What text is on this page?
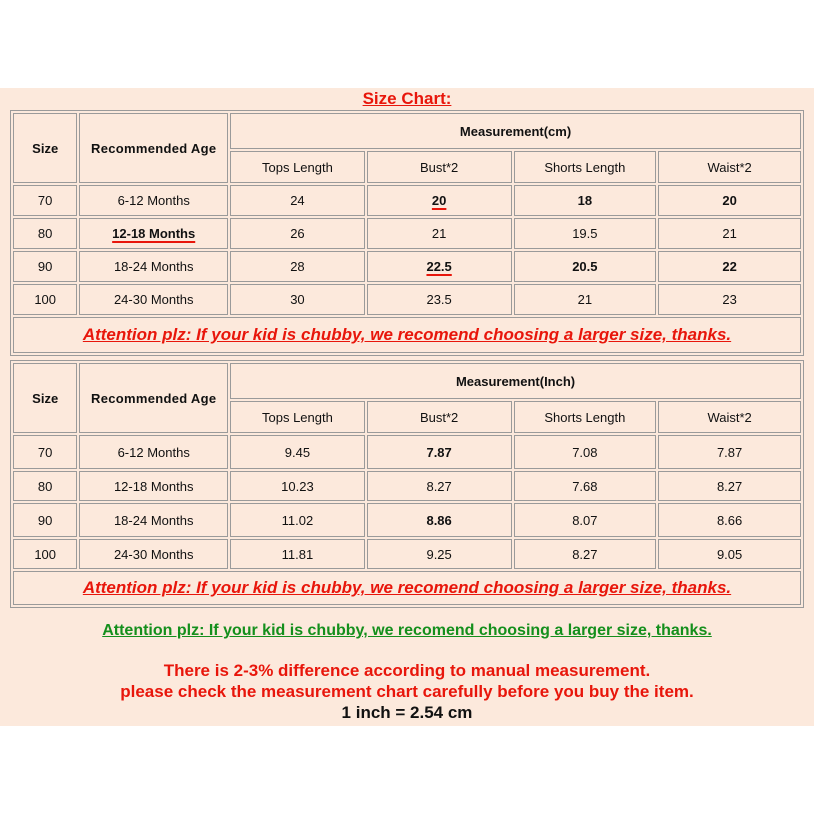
Size Chart:
Size	Recommended Age	Measurement(cm)			
		Tops Length	Bust*2	Shorts Length	Waist*2
70	6-12 Months	24	20	18	20
80	12-18 Months	26	21	19.5	21
90	18-24 Months	28	22.5	20.5	22
100	24-30 Months	30	23.5	21	23
Attention plz: If your kid is chubby, we recomend choosing a larger size, thanks.					
Size	Recommended Age	Measurement(Inch)			
		Tops Length	Bust*2	Shorts Length	Waist*2
70	6-12 Months	9.45	7.87	7.08	7.87
80	12-18 Months	10.23	8.27	7.68	8.27
90	18-24 Months	11.02	8.86	8.07	8.66
100	24-30 Months	11.81	9.25	8.27	9.05
Attention plz: If your kid is chubby, we recomend choosing a larger size, thanks.					
Attention plz: If your kid is chubby, we recomend choosing a larger size, thanks.
There is 2-3% difference according to manual measurement.
please check the measurement chart carefully before you buy the item.
1 inch = 2.54 cm
